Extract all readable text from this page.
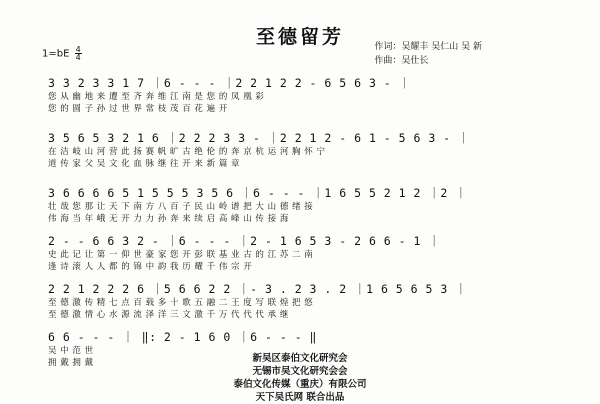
至德留芳	作词：吴耀丰 吴仁山 吴 新
作曲：吴仕长
$1=bE \frac{4}{4}$
3 3 2 3 3 1 7 ｜6 - - - ｜2 2 1 2 2 - 6 5 6 3 - ｜
您 从 幽 地 来 遭 至 齐 奔 维 江 南 是 您 的 凤 凰 彩
您 的 圆 子 孙 过 世 界 常 枝 茂 百 花 遍 开
3 5 6 5 3 2 1 6 ｜2 2 2 3 3 - ｜2 2 1 2 - 6 1 - 5 6 3 - ｜
在 洁 岐 山 河 营 此 扬 赛 帆 旷 古 绝 伦 的 奔 京 杭 运 河 胸 怀 宁
道 传 家 父 吴 文 化 血 脉 继 往 开 来 新 篇 章
3 6 6 6 6 5 1 5 5 5 3 5 6 ｜6 - - - ｜1 6 5 5 2 1 2 ｜2 ｜
壮 哉 您 那 让 天 下 南 方 八 百 子 民 山 岭 谱 把 大 山 德 绪 接
伟 海 当 年 峨 无 开 力 力 孙 奔 来 续 启 高 峰 山 传 接 海
2 - - 6 6 3 2 - ｜6 - - - ｜2 - 1 6 5 3 - 2 6 6 - 1 ｜
史 此 记 让 第 一 仰 世 豪 家 您 开 彭 联 基 业 古 的 江 苏 二 南
逢 诗 滚 人 人 都 的 锦 中 韵 我 历 耀 千 伟 宗 开
2 2 1 2 2 2 6 ｜5 6 6 2 2 ｜- 3 . 2 3 . 2 ｜1 6 5 6 5 3 ｜
至 德 激 传 精 七 点 百 载 多 十 歌 五 融 二 王 度 写 联 煌 把 悠
至 德 激 情 心 水 源 流 泽 洋 三 文 激 千 万 代 代 代 承 继
6 6 - - - ｜ ‖: 2 - 1 6 0 ｜6 - - - ‖
吴 中 范 世
拥 戴 拥 戴	新吴区泰伯文化研究会
无锡市吴文化研究会会
泰伯文化传媒（重庆）有限公司
天下吴氏网 联合出品
